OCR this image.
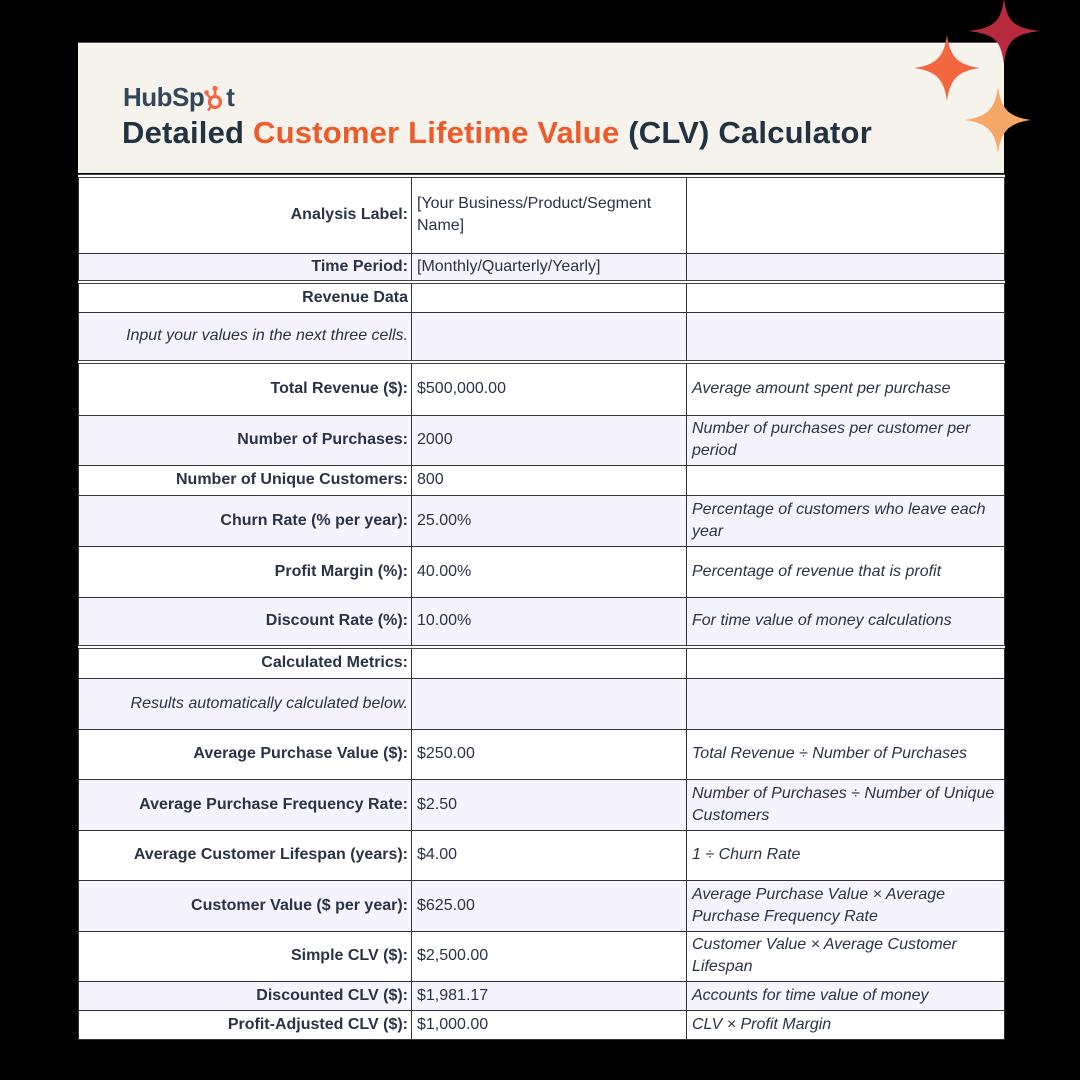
HubSp t
Detailed Customer Lifetime Value (CLV) Calculator
Analysis Label:	[Your Business/Product/Segment Name]	
Time Period:	[Monthly/Quarterly/Yearly]	
Revenue Data		
Input your values in the next three cells.		
Total Revenue ($):	$500,000.00	Average amount spent per purchase
Number of Purchases:	2000	Number of purchases per customer per period
Number of Unique Customers:	800	
Churn Rate (% per year):	25.00%	Percentage of customers who leave each year
Profit Margin (%):	40.00%	Percentage of revenue that is profit
Discount Rate (%):	10.00%	For time value of money calculations
Calculated Metrics:		
Results automatically calculated below.		
Average Purchase Value ($):	$250.00	Total Revenue ÷ Number of Purchases
Average Purchase Frequency Rate:	$2.50	Number of Purchases ÷ Number of Unique Customers
Average Customer Lifespan (years):	$4.00	1 ÷ Churn Rate
Customer Value ($ per year):	$625.00	Average Purchase Value × Average Purchase Frequency Rate
Simple CLV ($):	$2,500.00	Customer Value × Average Customer Lifespan
Discounted CLV ($):	$1,981.17	Accounts for time value of money
Profit-Adjusted CLV ($):	$1,000.00	CLV × Profit Margin
